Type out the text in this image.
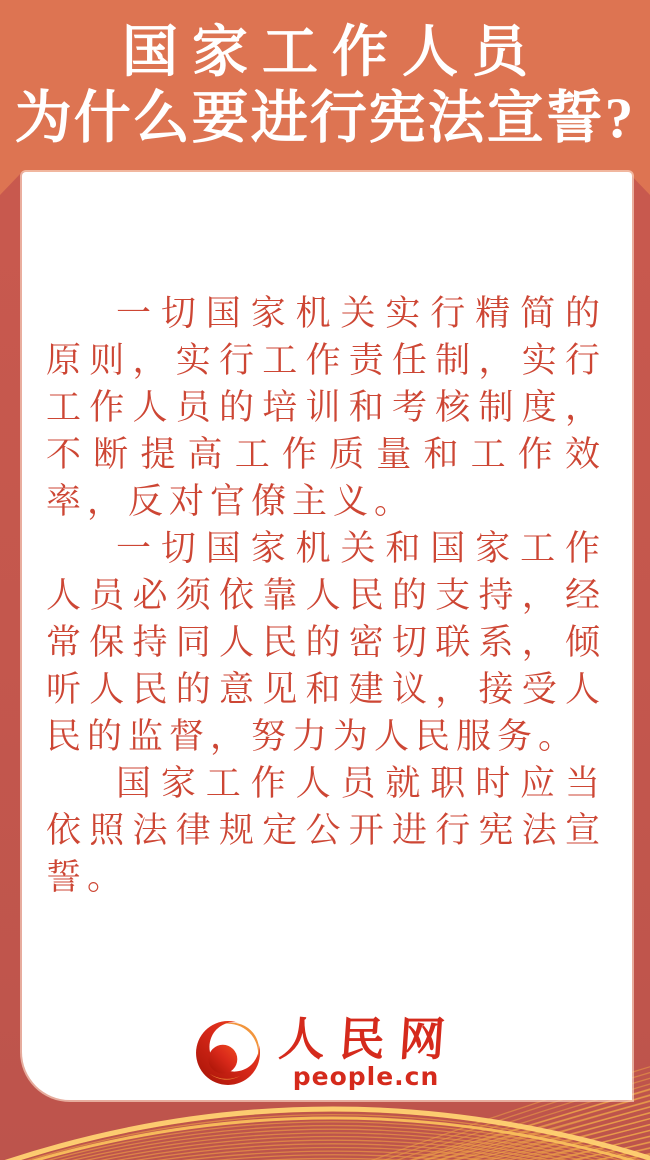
国家工作人员
为什么要进行宪法宣誓?

一切国家机关实行精简的原则，实行工作责任制，实行工作人员的培训和考核制度，不断提高工作质量和工作效率，反对官僚主义。

一切国家机关和国家工作人员必须依靠人民的支持，经常保持同人民的密切联系，倾听人民的意见和建议，接受人民的监督，努力为人民服务。

国家工作人员就职时应当依照法律规定公开进行宪法宣誓。

人民网
people.cn
